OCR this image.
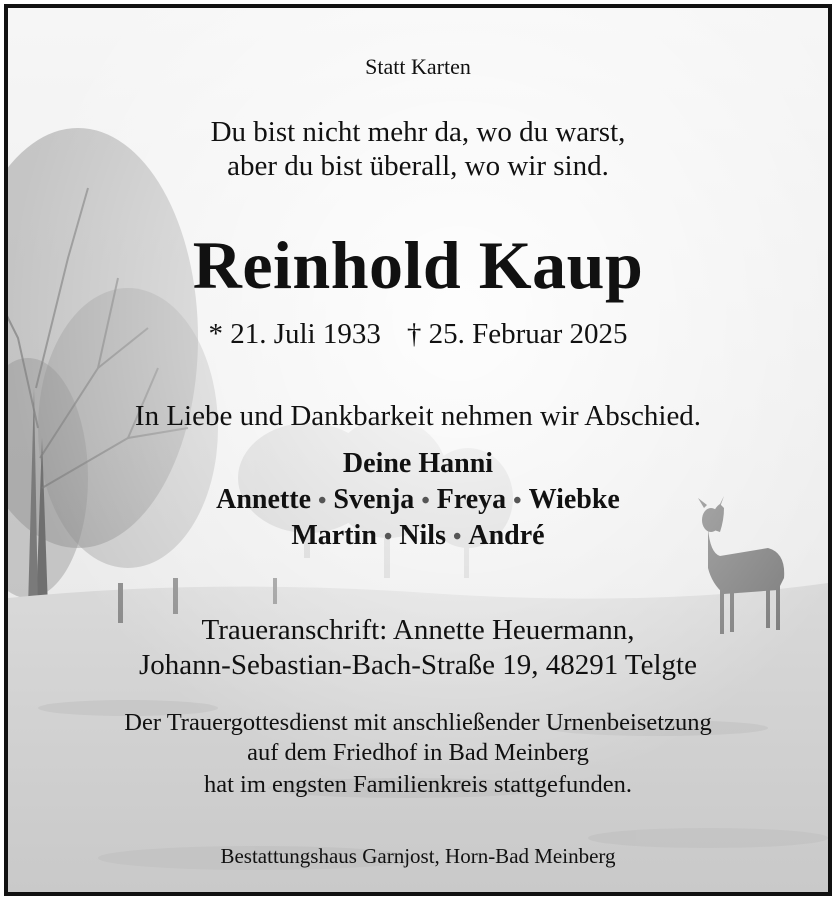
Statt Karten
Du bist nicht mehr da, wo du warst,
aber du bist überall, wo wir sind.
Reinhold Kaup
* 21. Juli 1933 † 25. Februar 2025
In Liebe und Dankbarkeit nehmen wir Abschied.
Deine Hanni
Annette • Svenja • Freya • Wiebke
Martin • Nils • André
Traueranschrift: Annette Heuermann,
Johann-Sebastian-Bach-Straße 19, 48291 Telgte
Der Trauergottesdienst mit anschließender Urnenbeisetzung
auf dem Friedhof in Bad Meinberg
hat im engsten Familienkreis stattgefunden.
Bestattungshaus Garnjost, Horn-Bad Meinberg
